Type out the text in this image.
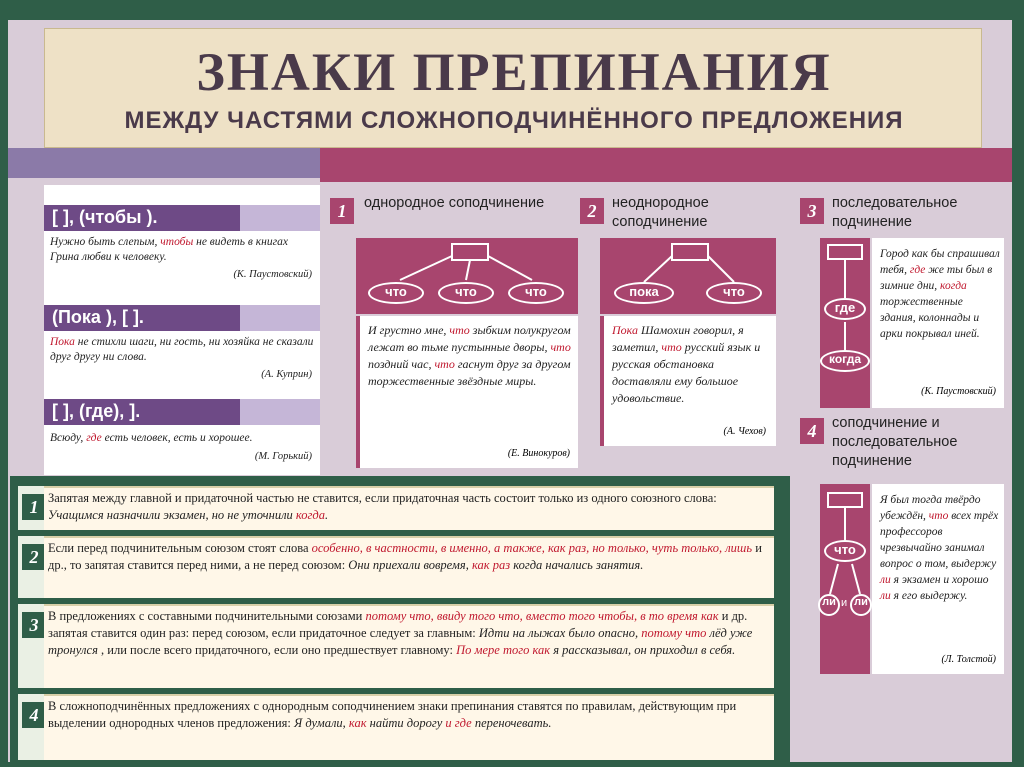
ЗНАКИ ПРЕПИНАНИЯ
МЕЖДУ ЧАСТЯМИ СЛОЖНОПОДЧИНЁННОГО ПРЕДЛОЖЕНИЯ
[ ], (чтобы ).
Нужно быть слепым, чтобы не видеть в книгах Грина любви к человеку.
(К. Паустовский)
(Пока ), [ ].
Пока не стихли шаги, ни гость, ни хозяйка не сказали друг другу ни слова.
(А. Куприн)
[ ], (где), ].
Всюду, где есть человек, есть и хорошее.
(М. Горький)
1	однородное соподчинение
что	что	что
И грустно мне, что зыбким полукругом лежат во тьме пустынные дворы, что поздний час, что гаснут друг за другом торжественные звёздные миры.
(Е. Винокуров)
2	неоднородное соподчинение
пока	что
Пока Шамохин говорил, я заметил, что русский язык и русская обстановка доставляли ему большое удовольствие.
(А. Чехов)
3	последовательное подчинение
где
когда
Город как бы спрашивал тебя, где же ты был в зимние дни, когда торжественные здания, колоннады и арки покрывал иней.
(К. Паустовский)
4	соподчинение и последовательное подчинение
что
ли и ли
Я был тогда твёрдо убеждён, что всех трёх профессоров чрезвычайно занимал вопрос о том, выдержу ли я экзамен и хорошо ли я его выдержу.
(Л. Толстой)
1 Запятая между главной и придаточной частью не ставится, если придаточная часть состоит только из одного союзного слова: Учащимся назначили экзамен, но не уточнили когда.
2 Если перед подчинительным союзом стоят слова особенно, в частности, в именно, а также, как раз, но только, чуть только, лишь и др., то запятая ставится перед ними, а не перед союзом: Они приехали вовремя, как раз когда начались занятия.
3 В предложениях с составными подчинительными союзами потому что, ввиду того что, вместо того чтобы, в то время как и др. запятая ставится один раз: перед союзом, если придаточное следует за главным: Идти на лыжах было опасно, потому что лёд уже тронулся , или после всего придаточного, если оно предшествует главному: По мере того как я рассказывал, он приходил в себя.
4 В сложноподчинённых предложениях с однородным соподчинением знаки препинания ставятся по правилам, действующим при выделении однородных членов предложения: Я думали, как найти дорогу и где переночевать.
